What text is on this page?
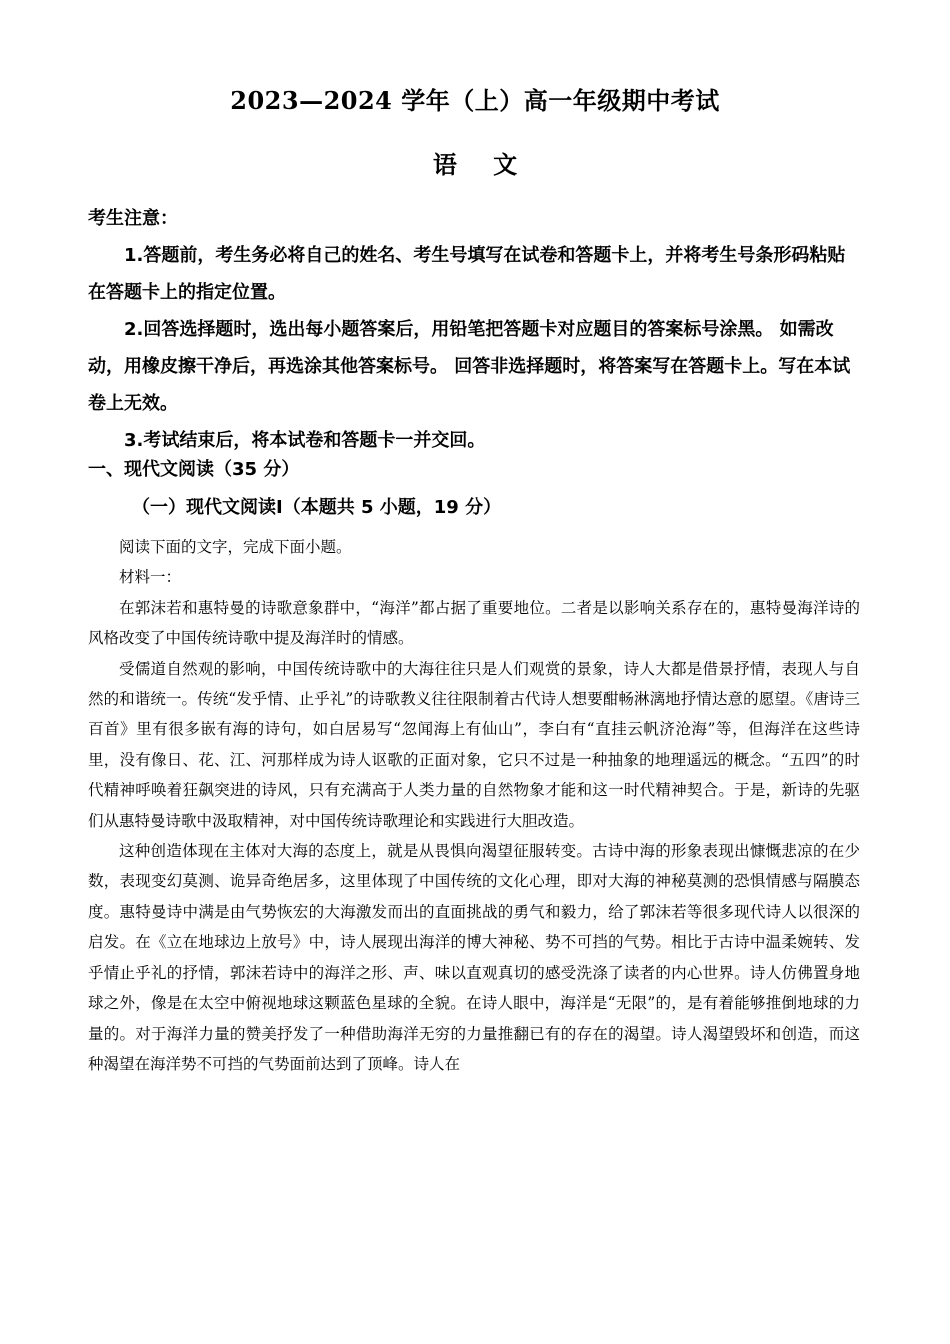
2023—2024 学年（上）高一年级期中考试
语 文

考生注意：

1.答题前，考生务必将自己的姓名、考生号填写在试卷和答题卡上，并将考生号条形码粘贴在答题卡上的指定位置。

2.回答选择题时，选出每小题答案后，用铅笔把答题卡对应题目的答案标号涂黑。 如需改动，用橡皮擦干净后，再选涂其他答案标号。 回答非选择题时，将答案写在答题卡上。写在本试卷上无效。

3.考试结束后，将本试卷和答题卡一并交回。

一、现代文阅读（35 分）
（一）现代文阅读Ⅰ（本题共 5 小题，19 分）

阅读下面的文字，完成下面小题。

材料一：

在郭沫若和惠特曼的诗歌意象群中，“海洋”都占据了重要地位。二者是以影响关系存在的，惠特曼海洋诗的风格改变了中国传统诗歌中提及海洋时的情感。

受儒道自然观的影响，中国传统诗歌中的大海往往只是人们观赏的景象，诗人大都是借景抒情，表现人与自然的和谐统一。传统“发乎情、止乎礼”的诗歌教义往往限制着古代诗人想要酣畅淋漓地抒情达意的愿望。《唐诗三百首》里有很多嵌有海的诗句，如白居易写“忽闻海上有仙山”，李白有“直挂云帆济沧海”等，但海洋在这些诗里，没有像日、花、江、河那样成为诗人讴歌的正面对象，它只不过是一种抽象的地理遥远的概念。“五四”的时代精神呼唤着狂飙突进的诗风，只有充满高于人类力量的自然物象才能和这一时代精神契合。于是，新诗的先驱们从惠特曼诗歌中汲取精神，对中国传统诗歌理论和实践进行大胆改造。

这种创造体现在主体对大海的态度上，就是从畏惧向渴望征服转变。古诗中海的形象表现出慷慨悲凉的在少数，表现变幻莫测、诡异奇绝居多，这里体现了中国传统的文化心理，即对大海的神秘莫测的恐惧情感与隔膜态度。惠特曼诗中满是由气势恢宏的大海激发而出的直面挑战的勇气和毅力，给了郭沫若等很多现代诗人以很深的启发。在《立在地球边上放号》中，诗人展现出海洋的博大神秘、势不可挡的气势。相比于古诗中温柔婉转、发乎情止乎礼的抒情，郭沫若诗中的海洋之形、声、味以直观真切的感受洗涤了读者的内心世界。诗人仿佛置身地球之外，像是在太空中俯视地球这颗蓝色星球的全貌。在诗人眼中，海洋是“无限”的，是有着能够推倒地球的力量的。对于海洋力量的赞美抒发了一种借助海洋无穷的力量推翻已有的存在的渴望。诗人渴望毁坏和创造，而这种渴望在海洋势不可挡的气势面前达到了顶峰。诗人在
